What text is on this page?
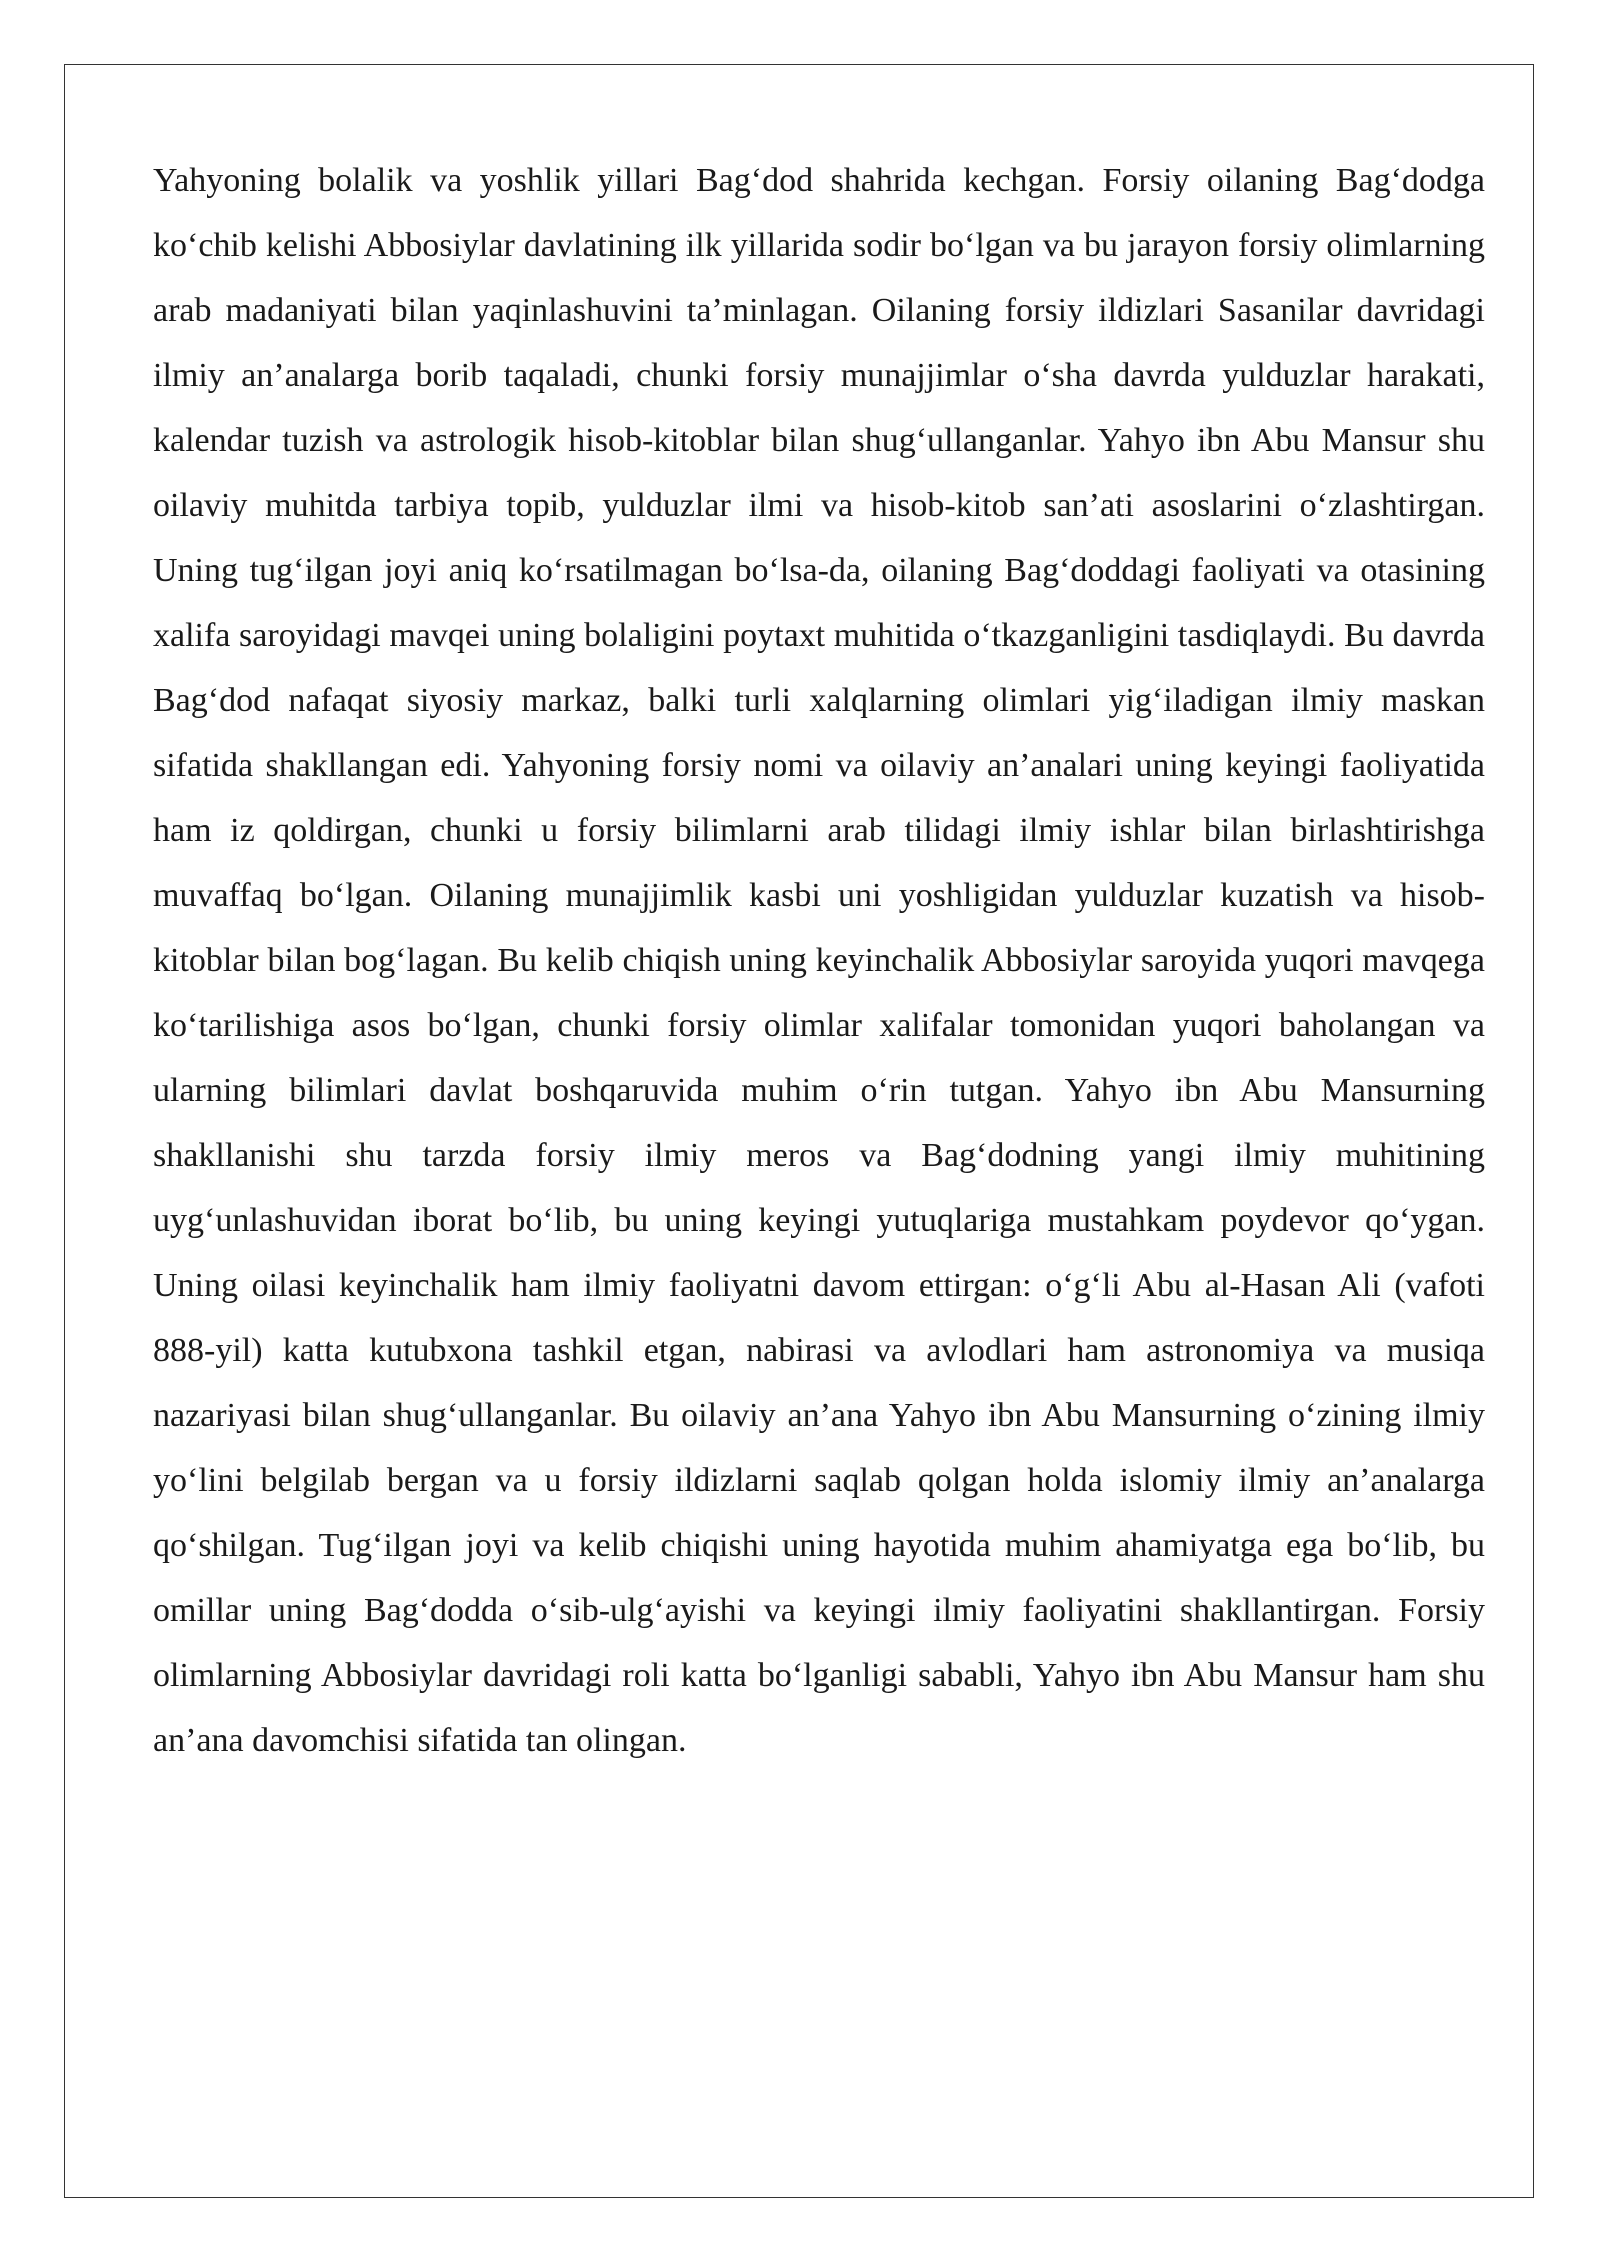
Yahyoning bolalik va yoshlik yillari Bag‘dod shahrida kechgan. Forsiy oilaning Bag‘dodga ko‘chib kelishi Abbosiylar davlatining ilk yillarida sodir bo‘lgan va bu jarayon forsiy olimlarning arab madaniyati bilan yaqinlashuvini ta’minlagan. Oilaning forsiy ildizlari Sasanilar davridagi ilmiy an’analarga borib taqaladi, chunki forsiy munajjimlar o‘sha davrda yulduzlar harakati, kalendar tuzish va astrologik hisob-kitoblar bilan shug‘ullanganlar. Yahyo ibn Abu Mansur shu oilaviy muhitda tarbiya topib, yulduzlar ilmi va hisob-kitob san’ati asoslarini o‘zlashtirgan. Uning tug‘ilgan joyi aniq ko‘rsatilmagan bo‘lsa-da, oilaning Bag‘doddagi faoliyati va otasining xalifa saroyidagi mavqei uning bolaligini poytaxt muhitida o‘tkazganligini tasdiqlaydi. Bu davrda Bag‘dod nafaqat siyosiy markaz, balki turli xalqlarning olimlari yig‘iladigan ilmiy maskan sifatida shakllangan edi. Yahyoning forsiy nomi va oilaviy an’analari uning keyingi faoliyatida ham iz qoldirgan, chunki u forsiy bilimlarni arab tilidagi ilmiy ishlar bilan birlashtirishga muvaffaq bo‘lgan. Oilaning munajjimlik kasbi uni yoshligidan yulduzlar kuzatish va hisob-kitoblar bilan bog‘lagan. Bu kelib chiqish uning keyinchalik Abbosiylar saroyida yuqori mavqega ko‘tarilishiga asos bo‘lgan, chunki forsiy olimlar xalifalar tomonidan yuqori baholangan va ularning bilimlari davlat boshqaruvida muhim o‘rin tutgan. Yahyo ibn Abu Mansurning shakllanishi shu tarzda forsiy ilmiy meros va Bag‘dodning yangi ilmiy muhitining uyg‘unlashuvidan iborat bo‘lib, bu uning keyingi yutuqlariga mustahkam poydevor qo‘ygan. Uning oilasi keyinchalik ham ilmiy faoliyatni davom ettirgan: o‘g‘li Abu al-Hasan Ali (vafoti 888-yil) katta kutubxona tashkil etgan, nabirasi va avlodlari ham astronomiya va musiqa nazariyasi bilan shug‘ullanganlar. Bu oilaviy an’ana Yahyo ibn Abu Mansurning o‘zining ilmiy yo‘lini belgilab bergan va u forsiy ildizlarni saqlab qolgan holda islomiy ilmiy an’analarga qo‘shilgan. Tug‘ilgan joyi va kelib chiqishi uning hayotida muhim ahamiyatga ega bo‘lib, bu omillar uning Bag‘dodda o‘sib-ulg‘ayishi va keyingi ilmiy faoliyatini shakllantirgan. Forsiy olimlarning Abbosiylar davridagi roli katta bo‘lganligi sababli, Yahyo ibn Abu Mansur ham shu an’ana davomchisi sifatida tan olingan.
